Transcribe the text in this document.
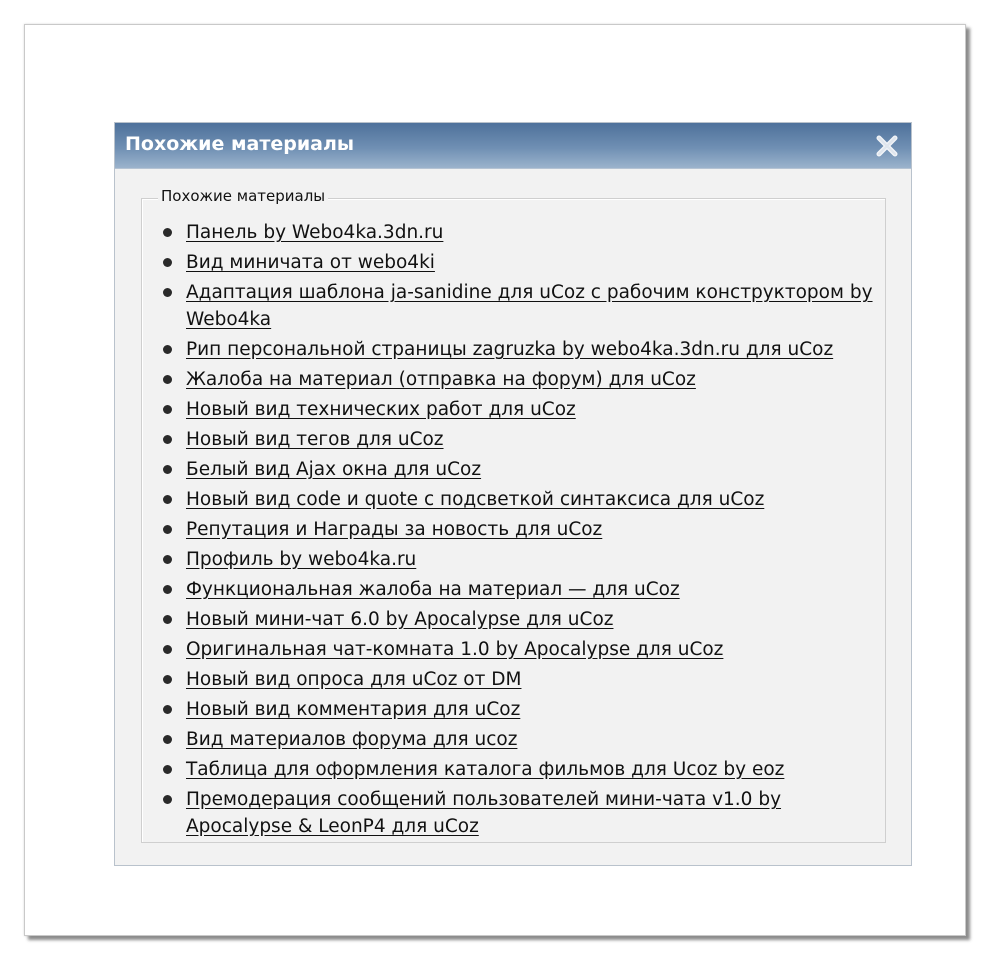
Похожие материалы
Похожие материалы
Панель by Webo4ka.3dn.ru
Вид миничата от webo4ki
Адаптация шаблона ja-sanidine для uCoz с рабочим конструктором by Webo4ka
Рип персональной страницы zagruzka by webo4ka.3dn.ru для uCoz
Жалоба на материал (отправка на форум) для uCoz
Новый вид технических работ для uCoz
Новый вид тегов для uCoz
Белый вид Ajax окна для uCoz
Новый вид code и quote с подсветкой синтаксиса для uCoz
Репутация и Награды за новость для uCoz
Профиль by webo4ka.ru
Функциональная жалоба на материал — для uCoz
Новый мини-чат 6.0 by Apocalypse для uCoz
Оригинальная чат-комната 1.0 by Apocalypse для uCoz
Новый вид опроса для uCoz от DM
Новый вид комментария для uCoz
Вид материалов форума для ucoz
Таблица для оформления каталога фильмов для Ucoz by eoz
Премодерация сообщений пользователей мини-чата v1.0 by Apocalypse & LeonP4 для uCoz
